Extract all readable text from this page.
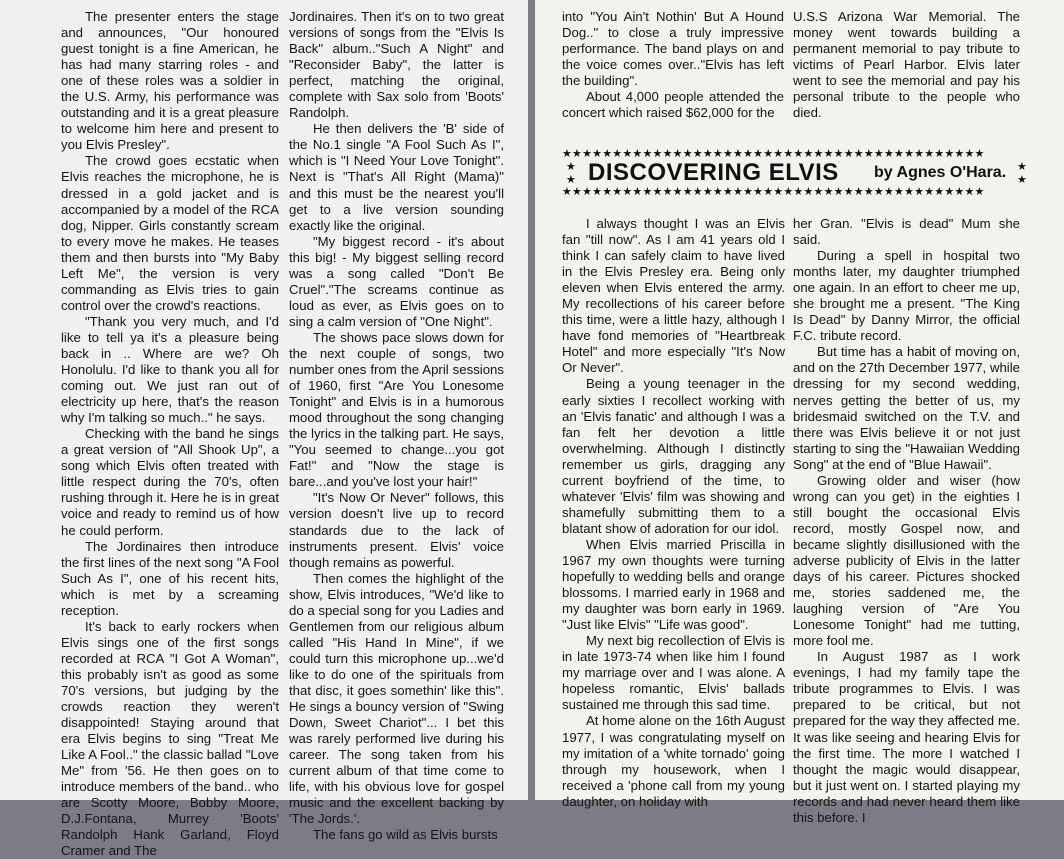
The presenter enters the stage and announces, "Our honoured guest tonight is a fine American, he has had many starring roles - and one of these roles was a soldier in the U.S. Army, his performance was outstanding and it is a great pleasure to welcome him here and present to you Elvis Presley".

The crowd goes ecstatic when Elvis reaches the microphone, he is dressed in a gold jacket and is accompanied by a model of the RCA dog, Nipper. Girls constantly scream to every move he makes. He teases them and then bursts into "My Baby Left Me", the version is very commanding as Elvis tries to gain control over the crowd's reactions.

"Thank you very much, and I'd like to tell ya it's a pleasure being back in .. Where are we? Oh Honolulu. I'd like to thank you all for coming out. We just ran out of electricity up here, that's the reason why I'm talking so much.." he says.

Checking with the band he sings a great version of "All Shook Up", a song which Elvis often treated with little respect during the 70's, often rushing through it. Here he is in great voice and ready to remind us of how he could perform.

The Jordinaires then introduce the first lines of the next song "A Fool Such As I", one of his recent hits, which is met by a screaming reception.

It's back to early rockers when Elvis sings one of the first songs recorded at RCA "I Got A Woman", this probably isn't as good as some 70's versions, but judging by the crowds reaction they weren't disappointed! Staying around that era Elvis begins to sing "Treat Me Like A Fool.." the classic ballad "Love Me" from '56. He then goes on to introduce members of the band.. who are Scotty Moore, Bobby Moore, D.J.Fontana, Murrey 'Boots' Randolph Hank Garland, Floyd Cramer and The

Jordinaires. Then it's on to two great versions of songs from the "Elvis Is Back" album.."Such A Night" and "Reconsider Baby", the latter is perfect, matching the original, complete with Sax solo from 'Boots' Randolph.

He then delivers the 'B' side of the No.1 single "A Fool Such As I", which is "I Need Your Love Tonight". Next is "That's All Right (Mama)" and this must be the nearest you'll get to a live version sounding exactly like the original.

"My biggest record - it's about this big! - My biggest selling record was a song called "Don't Be Cruel"."The screams continue as loud as ever, as Elvis goes on to sing a calm version of "One Night".

The shows pace slows down for the next couple of songs, two number ones from the April sessions of 1960, first "Are You Lonesome Tonight" and Elvis is in a humorous mood throughout the song changing the lyrics in the talking part. He says, "You seemed to change...you got Fat!" and "Now the stage is bare...and you've lost your hair!"

"It's Now Or Never" follows, this version doesn't live up to record standards due to the lack of instruments present. Elvis' voice though remains as powerful.

Then comes the highlight of the show, Elvis introduces, "We'd like to do a special song for you Ladies and Gentlemen from our religious album called "His Hand In Mine", if we could turn this microphone up...we'd like to do one of the spirituals from that disc, it goes somethin' like this". He sings a bouncy version of "Swing Down, Sweet Chariot"... I bet this was rarely performed live during his career. The song taken from his current album of that time come to life, with his obvious love for gospel music and the excellent backing by 'The Jords.'.

The fans go wild as Elvis bursts

into "You Ain't Nothin' But A Hound Dog.." to close a truly impressive performance. The band plays on and the voice comes over.."Elvis has left the building".

About 4,000 people attended the concert which raised $62,000 for the

U.S.S Arizona War Memorial. The money went towards building a permanent memorial to pay tribute to victims of Pearl Harbor. Elvis later went to see the memorial and pay his personal tribute to the people who died.

★★★★★★★★★★★★★★★★★★★★★★★★★★★★★★★★★★★★★★★★★★
★
★ DISCOVERING ELVIS by Agnes O'Hara. ★
★
★★★★★★★★★★★★★★★★★★★★★★★★★★★★★★★★★★★★★★★★★★

I always thought I was an Elvis fan "till now". As I am 41 years old I think I can safely claim to have lived in the Elvis Presley era. Being only eleven when Elvis entered the army. My recollections of his career before this time, were a little hazy, although I have fond memories of "Heartbreak Hotel" and more especially "It's Now Or Never".

Being a young teenager in the early sixties I recollect working with an 'Elvis fanatic' and although I was a fan felt her devotion a little overwhelming. Although I distinctly remember us girls, dragging any current boyfriend of the time, to whatever 'Elvis' film was showing and shamefully submitting them to a blatant show of adoration for our idol.

When Elvis married Priscilla in 1967 my own thoughts were turning hopefully to wedding bells and orange blossoms. I married early in 1968 and my daughter was born early in 1969. "Just like Elvis" "Life was good".

My next big recollection of Elvis is in late 1973-74 when like him I found my marriage over and I was alone. A hopeless romantic, Elvis' ballads sustained me through this sad time.

At home alone on the 16th August 1977, I was congratulating myself on my imitation of a 'white tornado' going through my housework, when I received a 'phone call from my young daughter, on holiday with

her Gran. "Elvis is dead" Mum she said.

During a spell in hospital two months later, my daughter triumphed one again. In an effort to cheer me up, she brought me a present. "The King Is Dead" by Danny Mirror, the official F.C. tribute record.

But time has a habit of moving on, and on the 27th December 1977, while dressing for my second wedding, nerves getting the better of us, my bridesmaid switched on the T.V. and there was Elvis believe it or not just starting to sing the "Hawaiian Wedding Song" at the end of "Blue Hawaii".

Growing older and wiser (how wrong can you get) in the eighties I still bought the occasional Elvis record, mostly Gospel now, and became slightly disillusioned with the adverse publicity of Elvis in the latter days of his career. Pictures shocked me, stories saddened me, the laughing version of "Are You Lonesome Tonight" had me tutting, more fool me.

In August 1987 as I work evenings, I had my family tape the tribute programmes to Elvis. I was prepared to be critical, but not prepared for the way they affected me. It was like seeing and hearing Elvis for the first time. The more I watched I thought the magic would disappear, but it just went on. I started playing my records and had never heard them like this before. I
